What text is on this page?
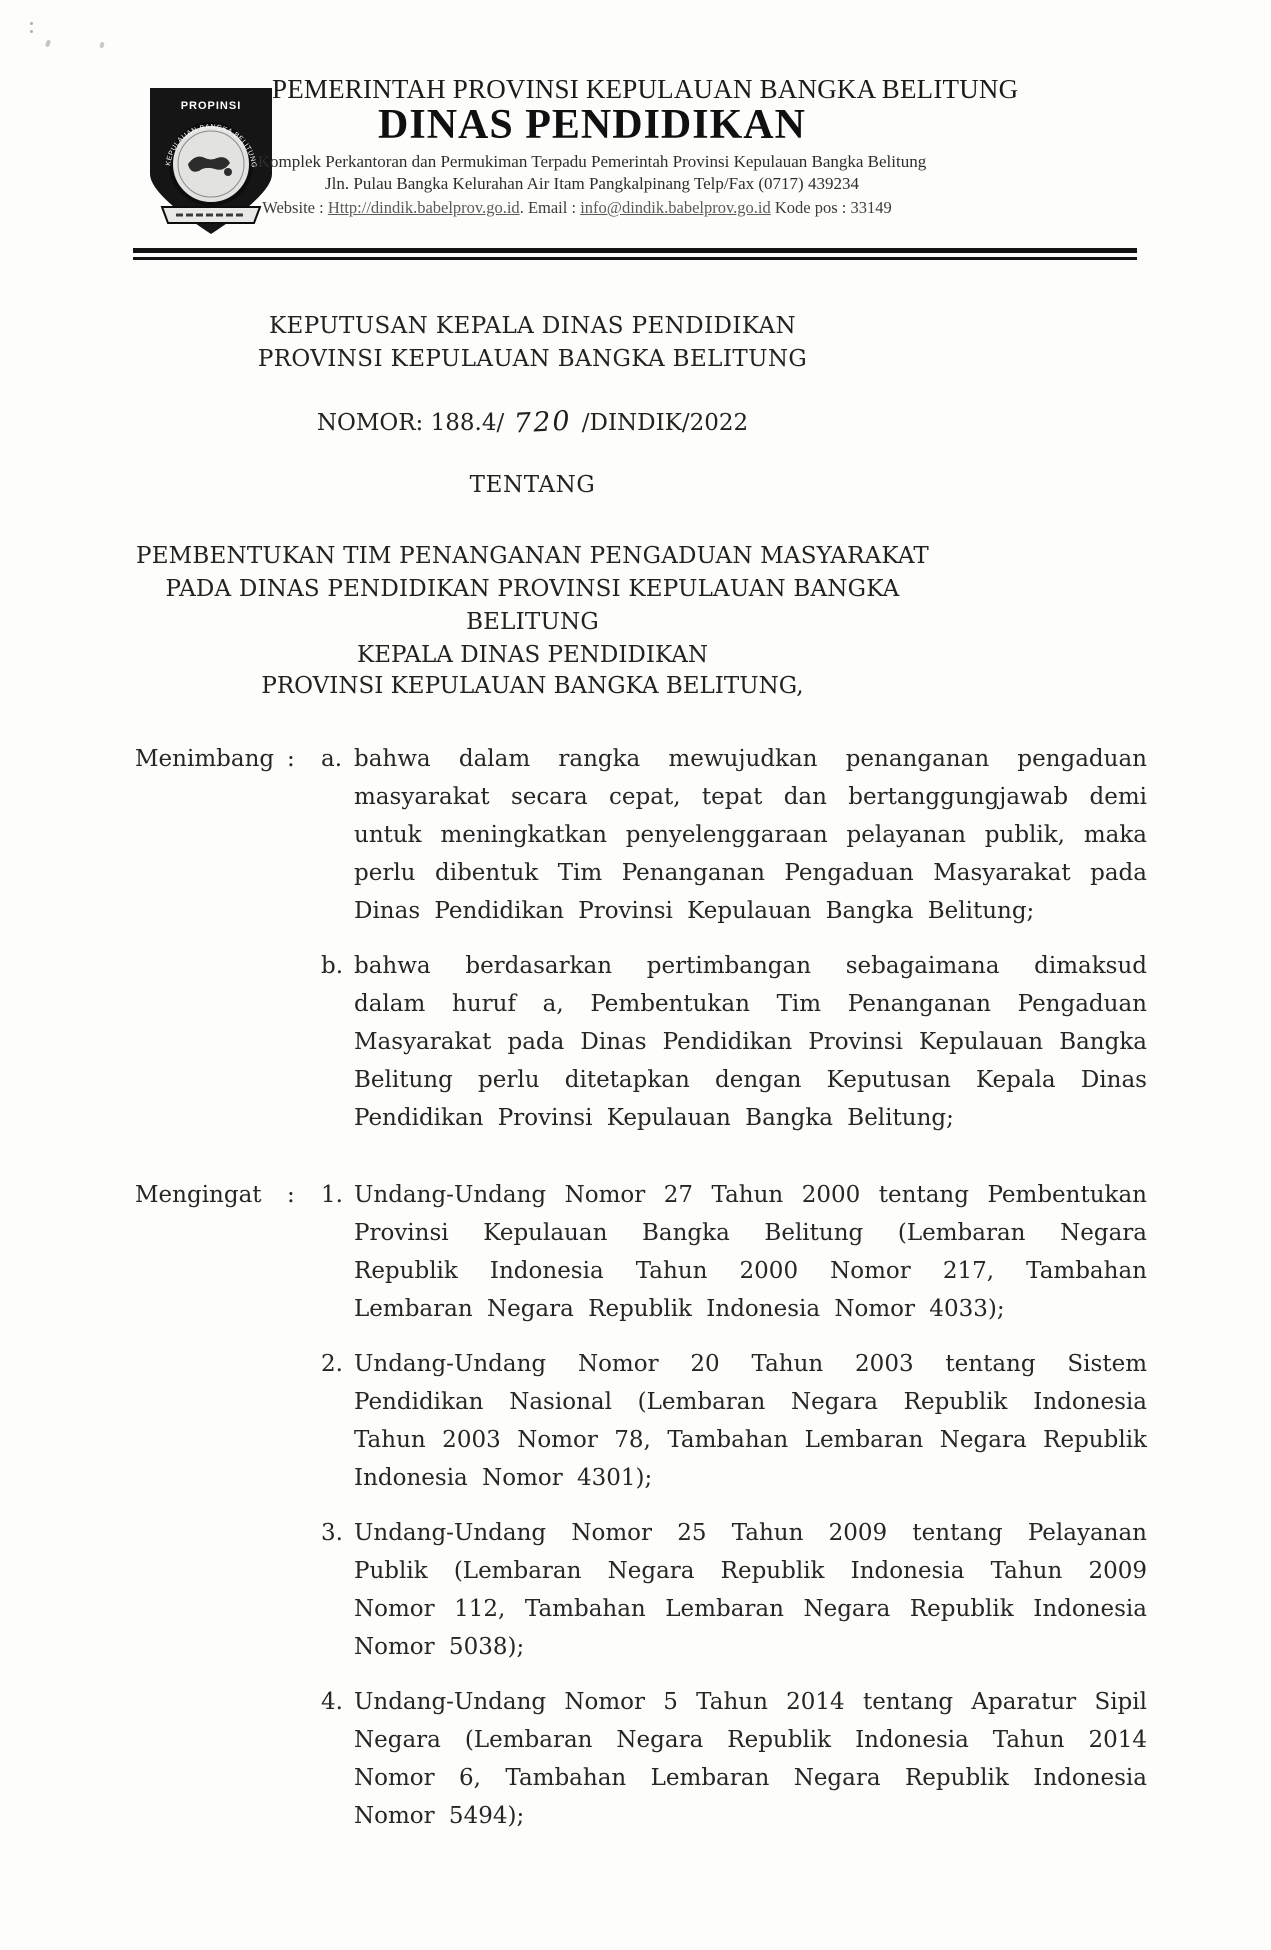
PROPINSI
KEPULAUAN BANGKA BELITUNG
PEMERINTAH PROVINSI KEPULAUAN BANGKA BELITUNG
DINAS PENDIDIKAN
Komplek Perkantoran dan Permukiman Terpadu Pemerintah Provinsi Kepulauan Bangka Belitung
Jln. Pulau Bangka Kelurahan Air Itam Pangkalpinang Telp/Fax (0717) 439234
Website : Http://dindik.babelprov.go.id. Email : info@dindik.babelprov.go.id Kode pos : 33149
KEPUTUSAN KEPALA DINAS PENDIDIKAN
PROVINSI KEPULAUAN BANGKA BELITUNG
NOMOR: 188.4/ 720 /DINDIK/2022
TENTANG
PEMBENTUKAN TIM PENANGANAN PENGADUAN MASYARAKAT
PADA DINAS PENDIDIKAN PROVINSI KEPULAUAN BANGKA BELITUNG
KEPALA DINAS PENDIDIKAN
PROVINSI KEPULAUAN BANGKA BELITUNG,
Menimbang :	a. bahwa dalam rangka mewujudkan penanganan pengaduan masyarakat secara cepat, tepat dan bertanggungjawab demi untuk meningkatkan penyelenggaraan pelayanan publik, maka perlu dibentuk Tim Penanganan Pengaduan Masyarakat pada Dinas Pendidikan Provinsi Kepulauan Bangka Belitung;
b. bahwa berdasarkan pertimbangan sebagaimana dimaksud dalam huruf a, Pembentukan Tim Penanganan Pengaduan Masyarakat pada Dinas Pendidikan Provinsi Kepulauan Bangka Belitung perlu ditetapkan dengan Keputusan Kepala Dinas Pendidikan Provinsi Kepulauan Bangka Belitung;
Mengingat	:	1. Undang-Undang Nomor 27 Tahun 2000 tentang Pembentukan Provinsi Kepulauan Bangka Belitung (Lembaran Negara Republik Indonesia Tahun 2000 Nomor 217, Tambahan Lembaran Negara Republik Indonesia Nomor 4033);
2. Undang-Undang Nomor 20 Tahun 2003 tentang Sistem Pendidikan Nasional (Lembaran Negara Republik Indonesia Tahun 2003 Nomor 78, Tambahan Lembaran Negara Republik Indonesia Nomor 4301);
3. Undang-Undang Nomor 25 Tahun 2009 tentang Pelayanan Publik (Lembaran Negara Republik Indonesia Tahun 2009 Nomor 112, Tambahan Lembaran Negara Republik Indonesia Nomor 5038);
4. Undang-Undang Nomor 5 Tahun 2014 tentang Aparatur Sipil Negara (Lembaran Negara Republik Indonesia Tahun 2014 Nomor 6, Tambahan Lembaran Negara Republik Indonesia Nomor 5494);
